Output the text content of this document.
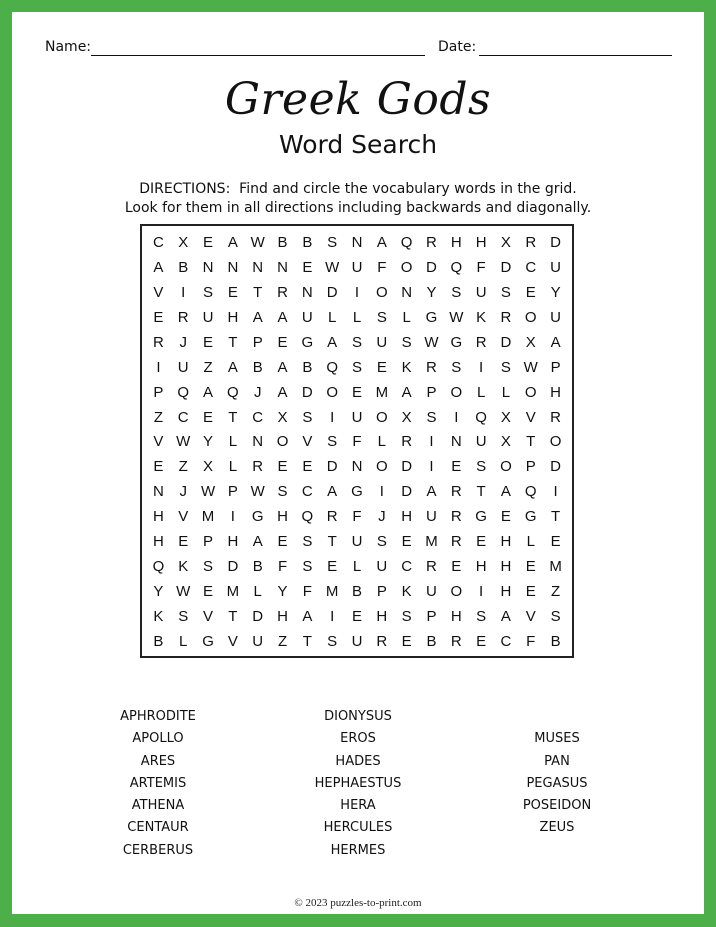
Name:	Date:
Greek Gods
Word Search
DIRECTIONS:  Find and circle the vocabulary words in the grid.
Look for them in all directions including backwards and diagonally.
C X E A W B B S N A Q R H H X R D
A B N N N N E W U F O D Q F D C U
V	I	S E	T R N D	I	O N Y S U S E Y
E R U H A A U	L	L	S	L G W K R O U
R	J	E	T	P E G A S U S W G R D X A
I	U Z	A B A B Q S E K R S	I	S W P
P Q A Q	J	A D O E M A P O L	L O H
Z C E	T C X S	I	U O X S	I	Q X V R
V W Y	L	N O V S	F	L	R	I	N U X	T O
E	Z	X	L	R E E D N O D	I	E S O P D
N	J W P W S C A G	I	D A R T	A Q	I
H V M	I	G H Q R F	J	H U R G E G T
H E P H A E S	T U S E M R E H	L	E
Q K S D B	F	S E	L	U C R E H H E M
Y W E M L	Y	F M B P K U O	I	H E	Z
K S V	T D H A	I	E H S P H S A V S
B	L G V U Z	T	S U R E B R E C F	B
APHRODITE
APOLLO
ARES
ARTEMIS
ATHENA
CENTAUR
CERBERUS
DIONYSUS
EROS
HADES
HEPHAESTUS
HERA
HERCULES
HERMES
MUSES
PAN
PEGASUS
POSEIDON
ZEUS
© 2023 puzzles-to-print.com
